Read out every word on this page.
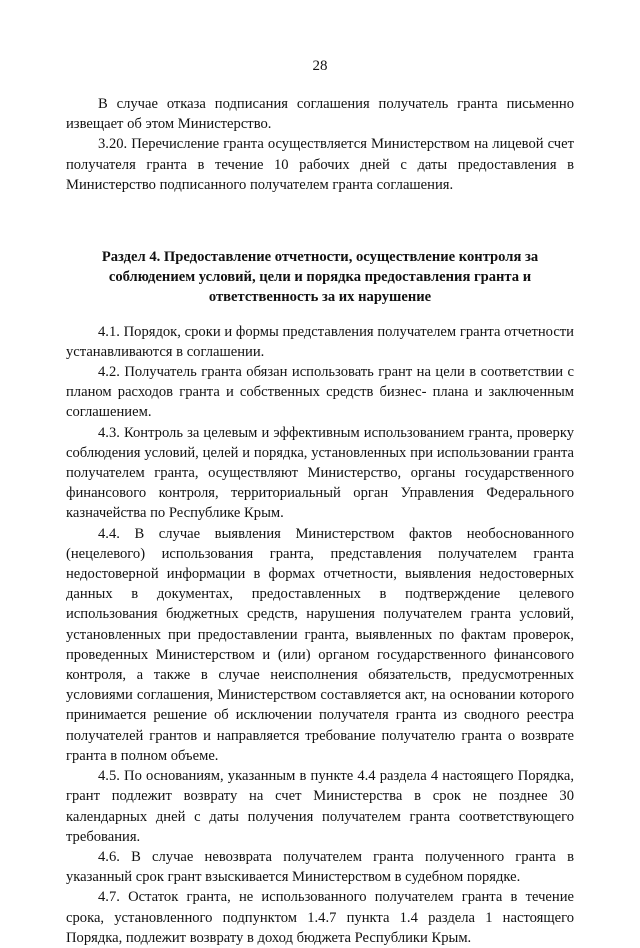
28

В случае отказа подписания соглашения получатель гранта письменно извещает об этом Министерство.

3.20. Перечисление гранта осуществляется Министерством на лицевой счет получателя гранта в течение 10 рабочих дней с даты предоставления в Министерство подписанного получателем гранта соглашения.

Раздел 4. Предоставление отчетности, осуществление контроля за соблюдением условий, цели и порядка предоставления гранта и ответственность за их нарушение

4.1. Порядок, сроки и формы представления получателем гранта отчетности устанавливаются в соглашении.

4.2. Получатель гранта обязан использовать грант на цели в соответствии с планом расходов гранта и собственных средств бизнес- плана и заключенным соглашением.

4.3. Контроль за целевым и эффективным использованием гранта, проверку соблюдения условий, целей и порядка, установленных при использовании гранта получателем гранта, осуществляют Министерство, органы государственного финансового контроля, территориальный орган Управления Федерального казначейства по Республике Крым.

4.4. В случае выявления Министерством фактов необоснованного (нецелевого) использования гранта, представления получателем гранта недостоверной информации в формах отчетности, выявления недостоверных данных в документах, предоставленных в подтверждение целевого использования бюджетных средств, нарушения получателем гранта условий, установленных при предоставлении гранта, выявленных по фактам проверок, проведенных Министерством и (или) органом государственного финансового контроля, а также в случае неисполнения обязательств, предусмотренных условиями соглашения, Министерством составляется акт, на основании которого принимается решение об исключении получателя гранта из сводного реестра получателей грантов и направляется требование получателю гранта о возврате гранта в полном объеме.

4.5. По основаниям, указанным в пункте 4.4 раздела 4 настоящего Порядка, грант подлежит возврату на счет Министерства в срок не позднее 30 календарных дней с даты получения получателем гранта соответствующего требования.

4.6. В случае невозврата получателем гранта полученного гранта в указанный срок грант взыскивается Министерством в судебном порядке.

4.7. Остаток гранта, не использованного получателем гранта в течение срока, установленного подпунктом 1.4.7 пункта 1.4 раздела 1 настоящего Порядка, подлежит возврату в доход бюджета Республики Крым.
